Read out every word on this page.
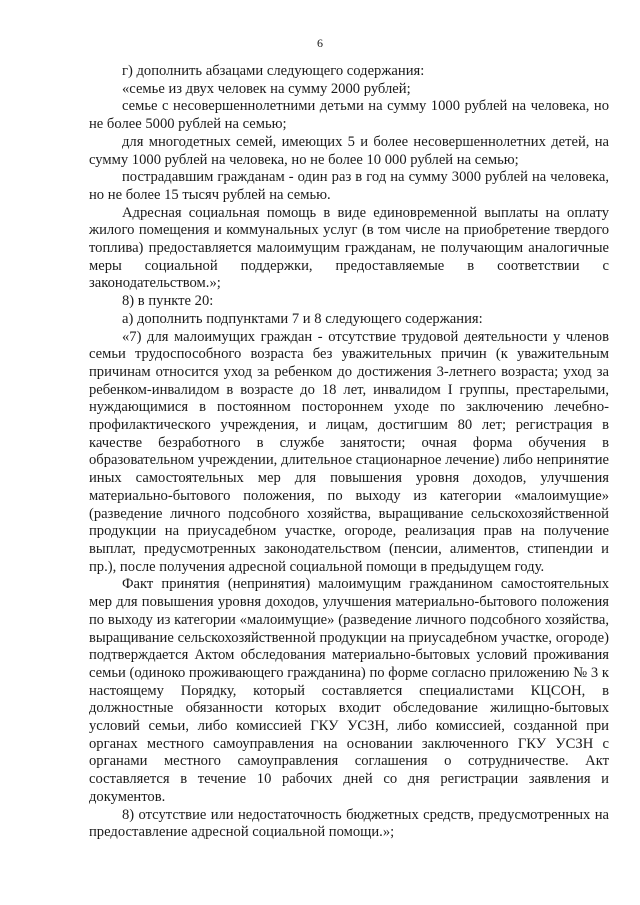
6

г) дополнить абзацами следующего содержания:

«семье из двух человек на сумму 2000 рублей;

семье с несовершеннолетними детьми на сумму 1000 рублей на человека, но не более 5000 рублей на семью;

для многодетных семей, имеющих 5 и более несовершеннолетних детей, на сумму 1000 рублей на человека, но не более 10 000 рублей на семью;

пострадавшим гражданам - один раз в год на сумму 3000 рублей на человека, но не более 15 тысяч рублей на семью.

Адресная социальная помощь в виде единовременной выплаты на оплату жилого помещения и коммунальных услуг (в том числе на приобретение твердого топлива) предоставляется малоимущим гражданам, не получающим аналогичные меры социальной поддержки, предоставляемые в соответствии с законодательством.»;

8) в пункте 20:

а) дополнить подпунктами 7 и 8 следующего содержания:

«7) для малоимущих граждан - отсутствие трудовой деятельности у членов семьи трудоспособного возраста без уважительных причин (к уважительным причинам относится уход за ребенком до достижения 3-летнего возраста; уход за ребенком-инвалидом в возрасте до 18 лет, инвалидом I группы, престарелыми, нуждающимися в постоянном постороннем уходе по заключению лечебно-профилактического учреждения, и лицам, достигшим 80 лет; регистрация в качестве безработного в службе занятости; очная форма обучения в образовательном учреждении, длительное стационарное лечение) либо непринятие иных самостоятельных мер для повышения уровня доходов, улучшения материально-бытового положения, по выходу из категории «малоимущие» (разведение личного подсобного хозяйства, выращивание сельскохозяйственной продукции на приусадебном участке, огороде, реализация прав на получение выплат, предусмотренных законодательством (пенсии, алиментов, стипендии и пр.), после получения адресной социальной помощи в предыдущем году.

Факт принятия (непринятия) малоимущим гражданином самостоятельных мер для повышения уровня доходов, улучшения материально-бытового положения по выходу из категории «малоимущие» (разведение личного подсобного хозяйства, выращивание сельскохозяйственной продукции на приусадебном участке, огороде) подтверждается Актом обследования материально-бытовых условий проживания семьи (одиноко проживающего гражданина) по форме согласно приложению № 3 к настоящему Порядку, который составляется специалистами КЦСОН, в должностные обязанности которых входит обследование жилищно-бытовых условий семьи, либо комиссией ГКУ УСЗН, либо комиссией, созданной при органах местного самоуправления на основании заключенного ГКУ УСЗН с органами местного самоуправления соглашения о сотрудничестве. Акт составляется в течение 10 рабочих дней со дня регистрации заявления и документов.

8) отсутствие или недостаточность бюджетных средств, предусмотренных на предоставление адресной социальной помощи.»;
